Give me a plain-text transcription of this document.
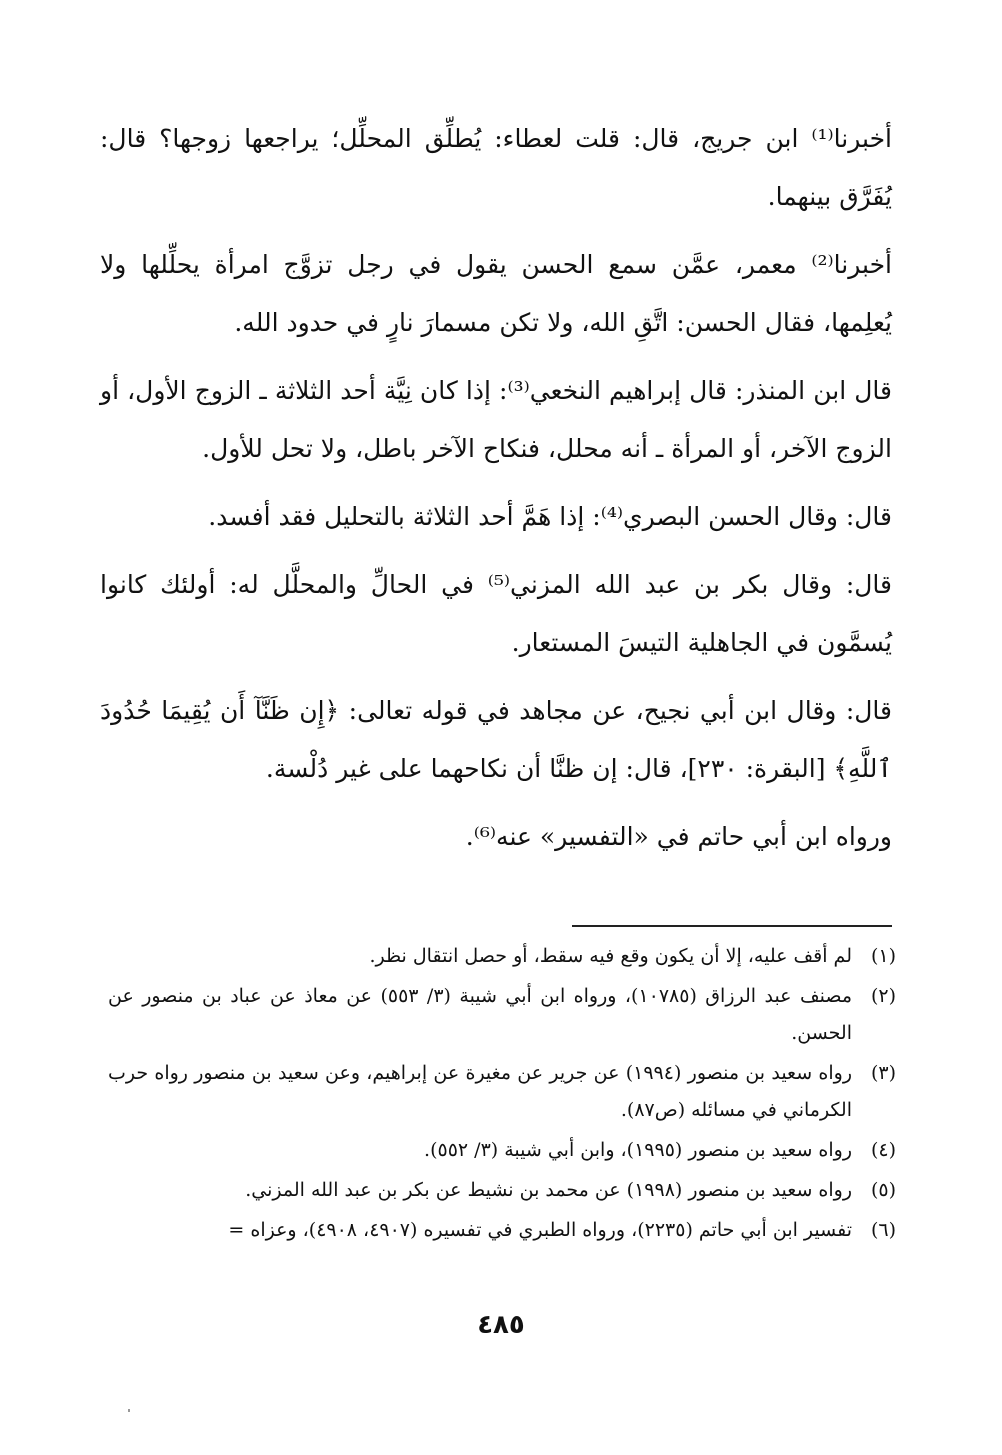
أخبرنا⁽¹⁾ ابن جريج، قال: قلت لعطاء: يُطلِّق المحلِّل؛ يراجعها زوجها؟ قال: يُفَرَّق بينهما.

أخبرنا⁽²⁾ معمر، عمَّن سمع الحسن يقول في رجل تزوَّج امرأة يحلِّلها ولا يُعلِمها، فقال الحسن: اتَّقِ الله، ولا تكن مسمارَ نارٍ في حدود الله.

قال ابن المنذر: قال إبراهيم النخعي⁽³⁾: إذا كان نِيَّة أحد الثلاثة ـ الزوج الأول، أو الزوج الآخر، أو المرأة ـ أنه محلل، فنكاح الآخر باطل، ولا تحل للأول.

قال: وقال الحسن البصري⁽⁴⁾: إذا هَمَّ أحد الثلاثة بالتحليل فقد أفسد.

قال: وقال بكر بن عبد الله المزني⁽⁵⁾ في الحالِّ والمحلَّل له: أولئك كانوا يُسمَّون في الجاهلية التيسَ المستعار.

قال: وقال ابن أبي نجيح، عن مجاهد في قوله تعالى: ﴿إِن ظَنَّآ أَن يُقِيمَا حُدُودَ ٱللَّهِ﴾ [البقرة: ٢٣٠]، قال: إن ظنَّا أن نكاحهما على غير دُلْسة.

ورواه ابن أبي حاتم في «التفسير» عنه⁽⁶⁾.

(١)
لم أقف عليه، إلا أن يكون وقع فيه سقط، أو حصل انتقال نظر.
(٢)
مصنف عبد الرزاق (١٠٧٨٥)، ورواه ابن أبي شيبة (٣/ ٥٥٣) عن معاذ عن عباد بن منصور عن الحسن.
(٣)
رواه سعيد بن منصور (١٩٩٤) عن جرير عن مغيرة عن إبراهيم، وعن سعيد بن منصور رواه حرب الكرماني في مسائله (ص٨٧).
(٤)
رواه سعيد بن منصور (١٩٩٥)، وابن أبي شيبة (٣/ ٥٥٢).
(٥)
رواه سعيد بن منصور (١٩٩٨) عن محمد بن نشيط عن بكر بن عبد الله المزني.
(٦)
تفسير ابن أبي حاتم (٢٢٣٥)، ورواه الطبري في تفسيره (٤٩٠٧، ٤٩٠٨)، وعزاه =
٤٨٥
